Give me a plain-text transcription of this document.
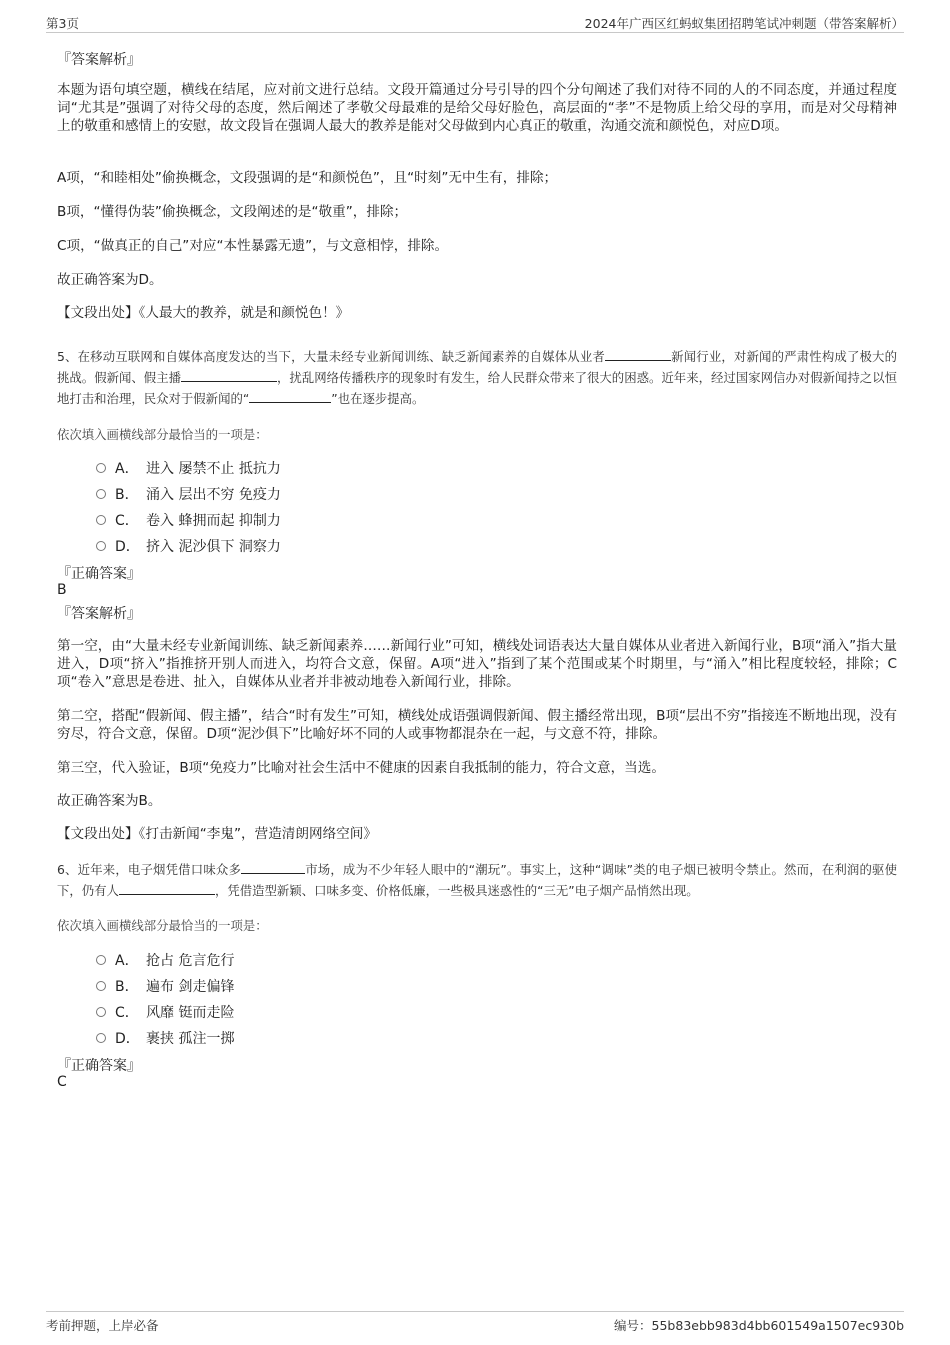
第3页	2024年广西区红蚂蚁集团招聘笔试冲刺题（带答案解析）
『答案解析』
本题为语句填空题，横线在结尾，应对前文进行总结。文段开篇通过分号引导的四个分句阐述了我们对待不同的人的不同态度，并通过程度词“尤其是”强调了对待父母的态度，然后阐述了孝敬父母最难的是给父母好脸色，高层面的“孝”不是物质上给父母的享用，而是对父母精神上的敬重和感情上的安慰，故文段旨在强调人最大的教养是能对父母做到内心真正的敬重，沟通交流和颜悦色，对应D项。
A项，“和睦相处”偷换概念，文段强调的是“和颜悦色”，且“时刻”无中生有，排除；
B项，“懂得伪装”偷换概念，文段阐述的是“敬重”，排除；
C项，“做真正的自己”对应“本性暴露无遗”，与文意相悖，排除。
故正确答案为D。
【文段出处】《人最大的教养，就是和颜悦色！》
5、在移动互联网和自媒体高度发达的当下，大量未经专业新闻训练、缺乏新闻素养的自媒体从业者	新闻行业，对新闻的严肃性构成了极大的挑战。假新闻、假主播	，扰乱网络传播秩序的现象时有发生，给人民群众带来了很大的困惑。近年来，经过国家网信办对假新闻持之以恒地打击和治理，民众对于假新闻的“	”也在逐步提高。
依次填入画横线部分最恰当的一项是：
A． 进入 屡禁不止 抵抗力
B． 涌入 层出不穷 免疫力
C． 卷入 蜂拥而起 抑制力
D． 挤入 泥沙俱下 洞察力
『正确答案』
B
『答案解析』
第一空，由“大量未经专业新闻训练、缺乏新闻素养……新闻行业”可知，横线处词语表达大量自媒体从业者进入新闻行业，B项“涌入”指大量进入，D项“挤入”指推挤开别人而进入，均符合文意，保留。A项“进入”指到了某个范围或某个时期里，与“涌入”相比程度较轻，排除；C项“卷入”意思是卷进、扯入，自媒体从业者并非被动地卷入新闻行业，排除。
第二空，搭配“假新闻、假主播”，结合“时有发生”可知，横线处成语强调假新闻、假主播经常出现，B项“层出不穷”指接连不断地出现，没有穷尽，符合文意，保留。D项“泥沙俱下”比喻好坏不同的人或事物都混杂在一起，与文意不符，排除。
第三空，代入验证，B项“免疫力”比喻对社会生活中不健康的因素自我抵制的能力，符合文意，当选。
故正确答案为B。
【文段出处】《打击新闻“李鬼”，营造清朗网络空间》
6、近年来，电子烟凭借口味众多	市场，成为不少年轻人眼中的“潮玩”。事实上，这种“调味”类的电子烟已被明令禁止。然而，在利润的驱使下，仍有人	，凭借造型新颖、口味多变、价格低廉，一些极具迷惑性的“三无”电子烟产品悄然出现。
依次填入画横线部分最恰当的一项是：
A． 抢占 危言危行
B． 遍布 剑走偏锋
C． 风靡 铤而走险
D． 裹挟 孤注一掷
『正确答案』
C
考前押题，上岸必备	编号：55b83ebb983d4bb601549a1507ec930b
